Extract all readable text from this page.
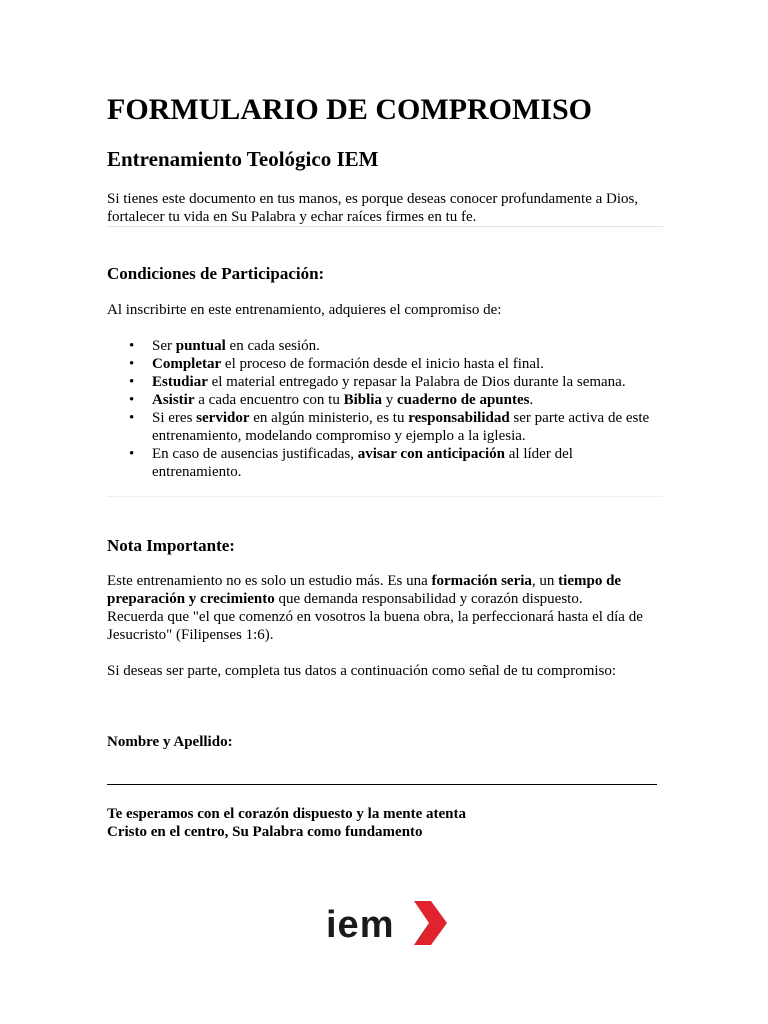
FORMULARIO DE COMPROMISO
Entrenamiento Teológico IEM

Si tienes este documento en tus manos, es porque deseas conocer profundamente a Dios, fortalecer tu vida en Su Palabra y echar raíces firmes en tu fe.

Condiciones de Participación:

Al inscribirte en este entrenamiento, adquieres el compromiso de:

• Ser puntual en cada sesión.
• Completar el proceso de formación desde el inicio hasta el final.
• Estudiar el material entregado y repasar la Palabra de Dios durante la semana.
• Asistir a cada encuentro con tu Biblia y cuaderno de apuntes.
• Si eres servidor en algún ministerio, es tu responsabilidad ser parte activa de este entrenamiento, modelando compromiso y ejemplo a la iglesia.
• En caso de ausencias justificadas, avisar con anticipación al líder del entrenamiento.
Nota Importante:

Este entrenamiento no es solo un estudio más. Es una formación seria, un tiempo de preparación y crecimiento que demanda responsabilidad y corazón dispuesto.
Recuerda que "el que comenzó en vosotros la buena obra, la perfeccionará hasta el día de Jesucristo" (Filipenses 1:6).

Si deseas ser parte, completa tus datos a continuación como señal de tu compromiso:

Nombre y Apellido:
Te esperamos con el corazón dispuesto y la mente atenta
Cristo en el centro, Su Palabra como fundamento
iem
